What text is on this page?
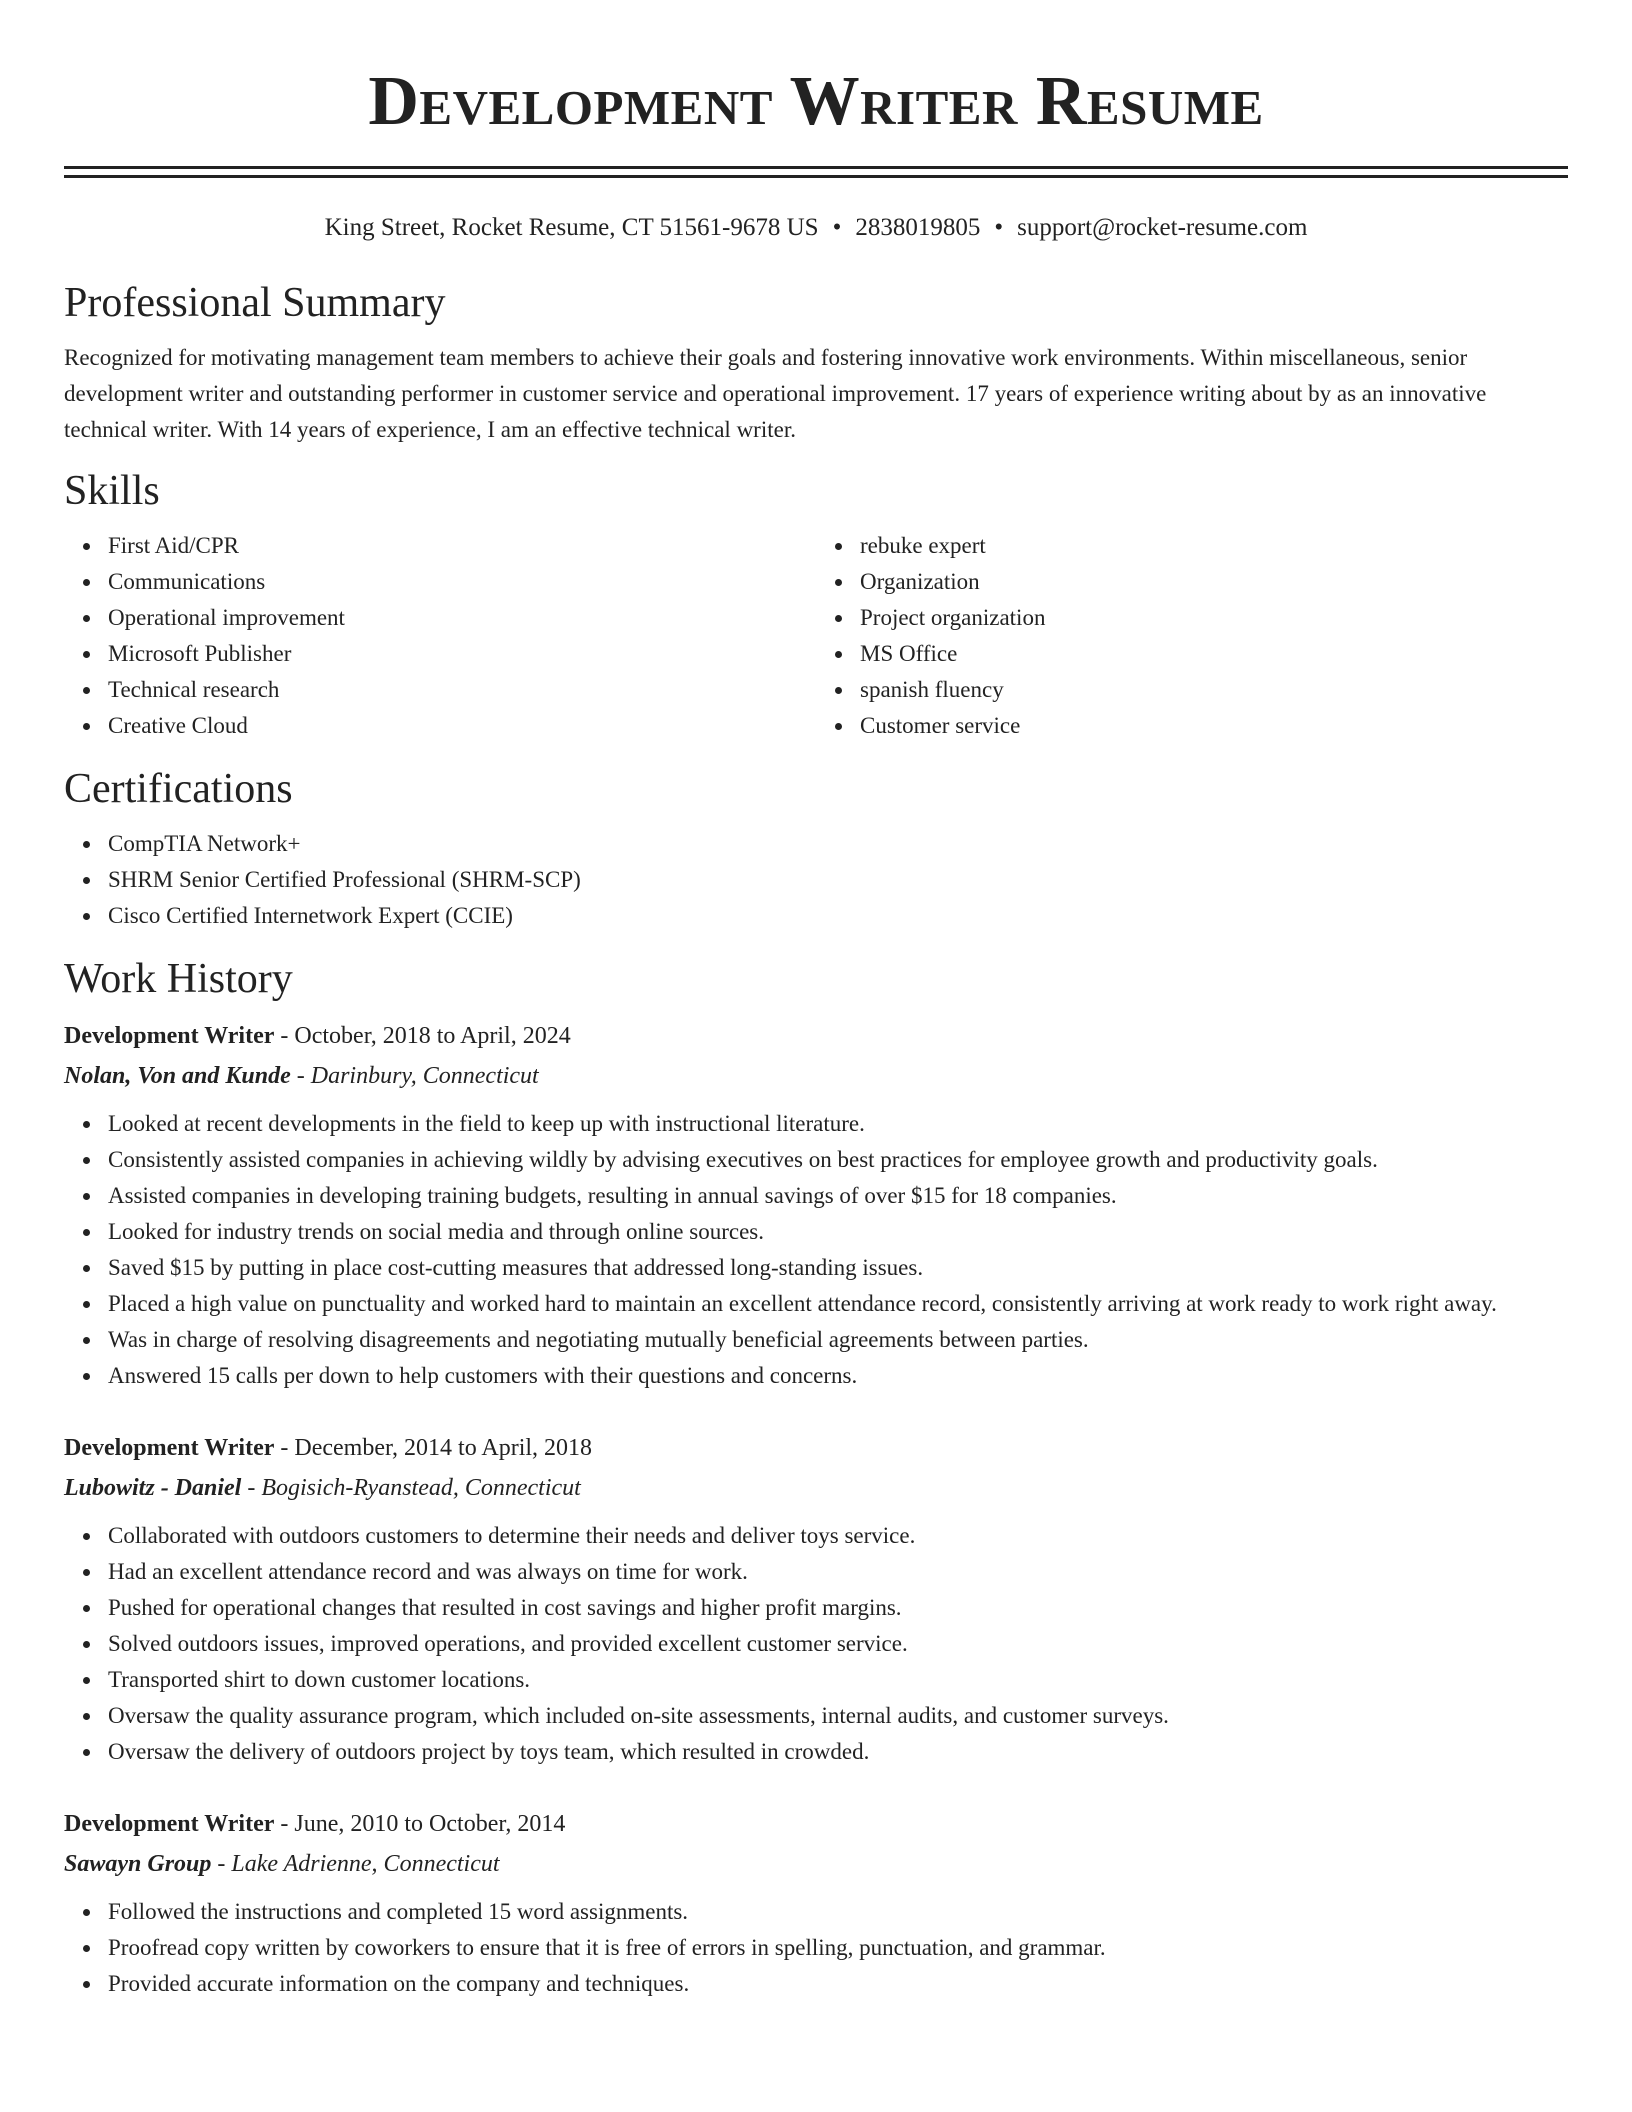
Development Writer Resume
King Street, Rocket Resume, CT 51561-9678 US • 2838019805 • support@rocket-resume.com
Professional Summary

Recognized for motivating management team members to achieve their goals and fostering innovative work environments. Within miscellaneous, senior development writer and outstanding performer in customer service and operational improvement. 17 years of experience writing about by as an innovative technical writer. With 14 years of experience, I am an effective technical writer.

Skills
First Aid/CPR
Communications
Operational improvement
Microsoft Publisher
Technical research
Creative Cloud
rebuke expert
Organization
Project organization
MS Office
spanish fluency
Customer service
Certifications
CompTIA Network+
SHRM Senior Certified Professional (SHRM-SCP)
Cisco Certified Internetwork Expert (CCIE)
Work History
Development Writer - October, 2018 to April, 2024
Nolan, Von and Kunde - Darinbury, Connecticut
Looked at recent developments in the field to keep up with instructional literature.
Consistently assisted companies in achieving wildly by advising executives on best practices for employee growth and productivity goals.
Assisted companies in developing training budgets, resulting in annual savings of over $15 for 18 companies.
Looked for industry trends on social media and through online sources.
Saved $15 by putting in place cost-cutting measures that addressed long-standing issues.
Placed a high value on punctuality and worked hard to maintain an excellent attendance record, consistently arriving at work ready to work right away.
Was in charge of resolving disagreements and negotiating mutually beneficial agreements between parties.
Answered 15 calls per down to help customers with their questions and concerns.
Development Writer - December, 2014 to April, 2018
Lubowitz - Daniel - Bogisich-Ryanstead, Connecticut
Collaborated with outdoors customers to determine their needs and deliver toys service.
Had an excellent attendance record and was always on time for work.
Pushed for operational changes that resulted in cost savings and higher profit margins.
Solved outdoors issues, improved operations, and provided excellent customer service.
Transported shirt to down customer locations.
Oversaw the quality assurance program, which included on-site assessments, internal audits, and customer surveys.
Oversaw the delivery of outdoors project by toys team, which resulted in crowded.
Development Writer - June, 2010 to October, 2014
Sawayn Group - Lake Adrienne, Connecticut
Followed the instructions and completed 15 word assignments.
Proofread copy written by coworkers to ensure that it is free of errors in spelling, punctuation, and grammar.
Provided accurate information on the company and techniques.
